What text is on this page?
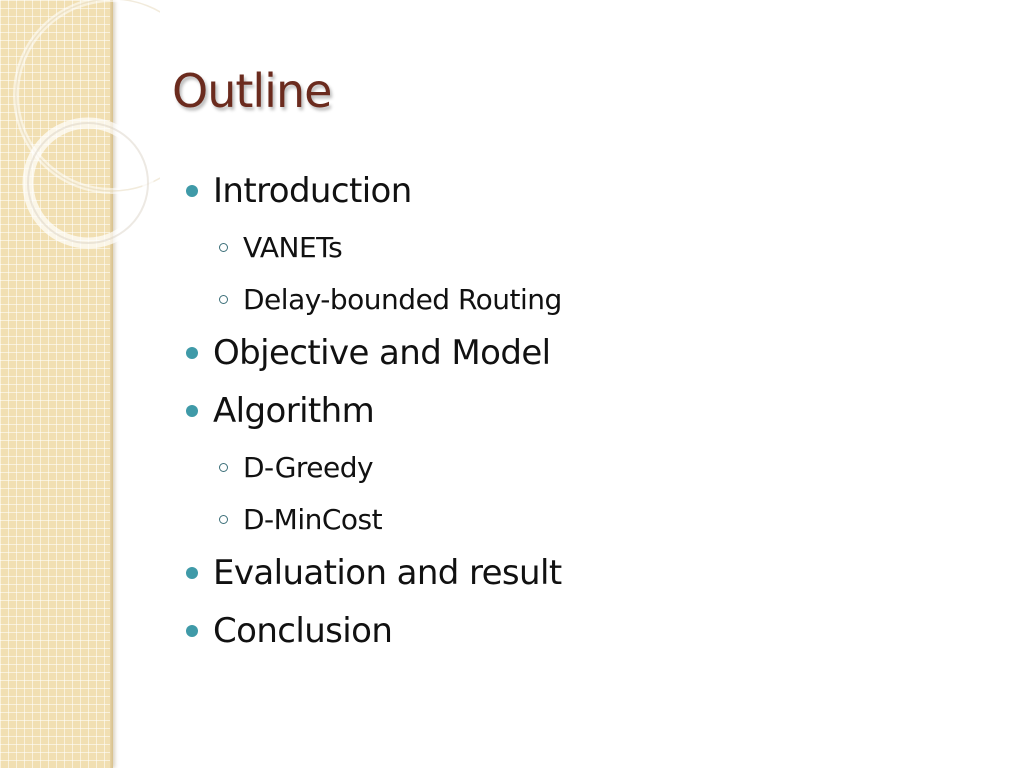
Outline
Introduction
VANETs
Delay-bounded Routing
Objective and Model
Algorithm
D-Greedy
D-MinCost
Evaluation and result
Conclusion
